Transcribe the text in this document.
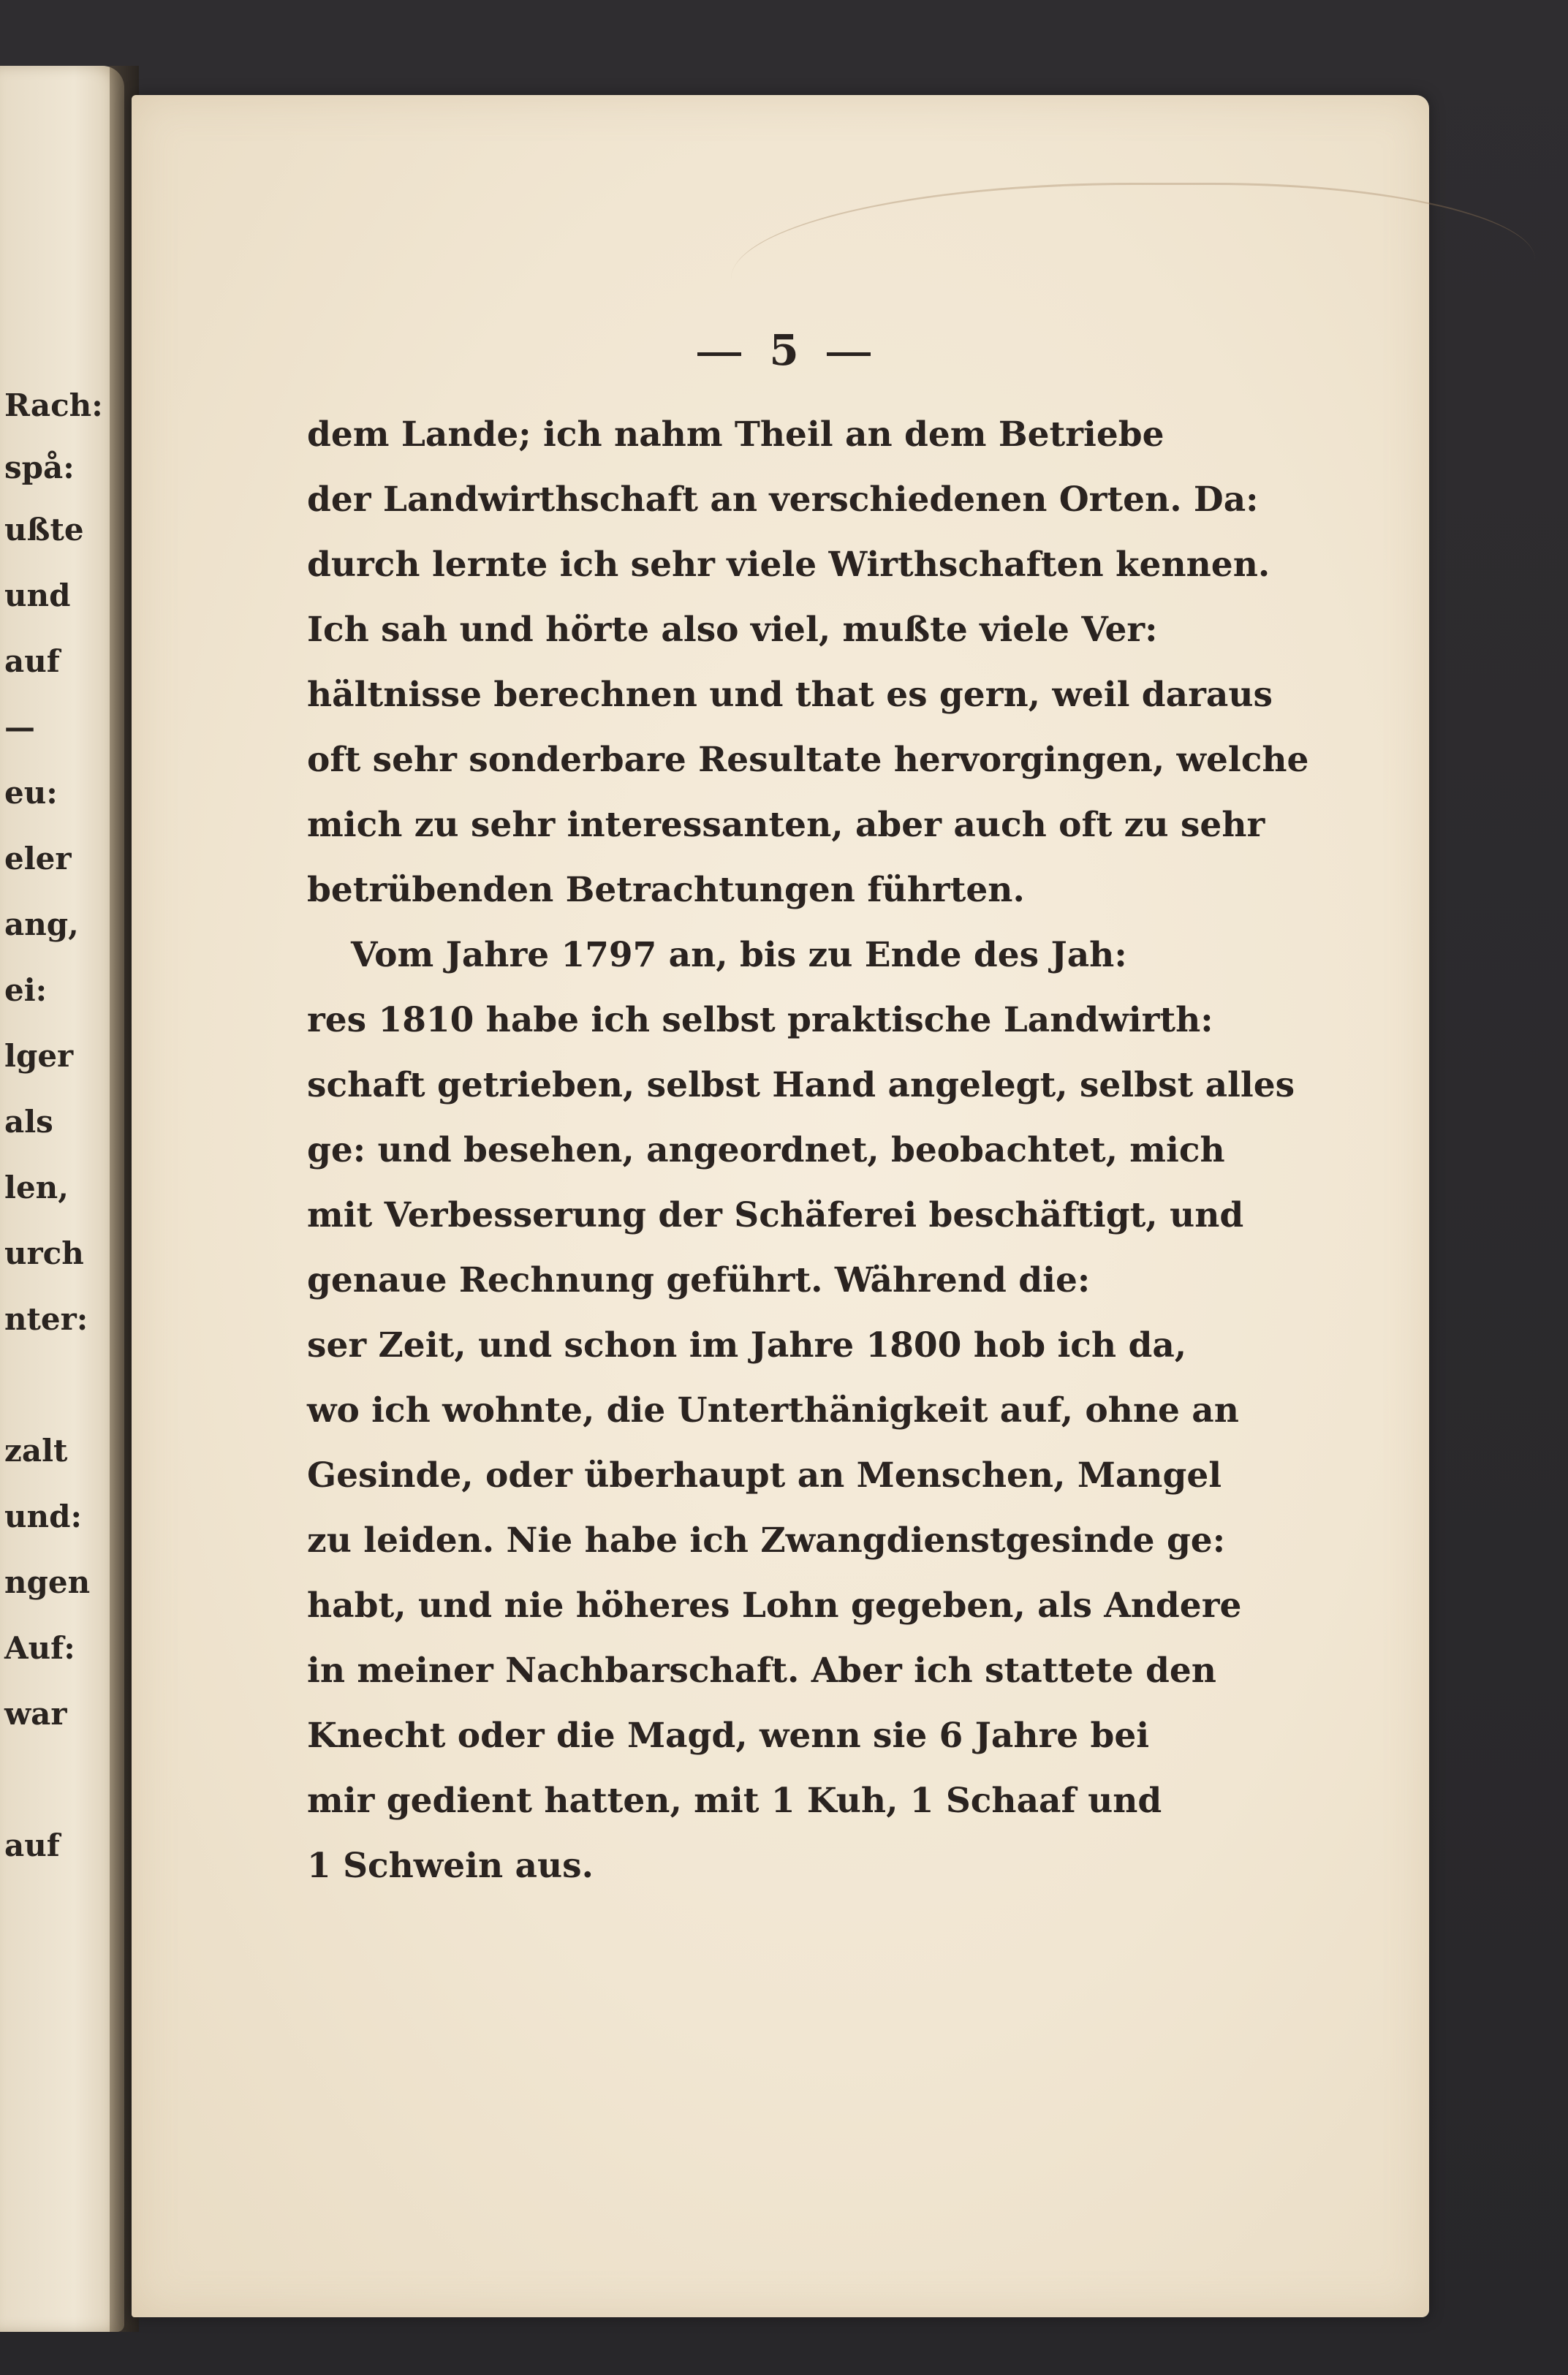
Rach:
spå:
ußte
und
auf
—
eu:
eler
ang,
ei:
lger
als
len,
urch
nter:
zalt
und:
ngen
Auf:
war
auf
5
dem Lande; ich nahm Theil an dem Betriebe
der Landwirthschaft an verschiedenen Orten. Da:
durch lernte ich sehr viele Wirthschaften kennen.
Ich sah und hörte also viel, mußte viele Ver:
hältnisse berechnen und that es gern, weil daraus
oft sehr sonderbare Resultate hervorgingen, welche
mich zu sehr interessanten, aber auch oft zu sehr
betrübenden Betrachtungen führten.
Vom Jahre 1797 an, bis zu Ende des Jah:
res 1810 habe ich selbst praktische Landwirth:
schaft getrieben, selbst Hand angelegt, selbst alles
ge: und besehen, angeordnet, beobachtet, mich
mit Verbesserung der Schäferei beschäftigt, und
genaue Rechnung geführt. Während die:
ser Zeit, und schon im Jahre 1800 hob ich da,
wo ich wohnte, die Unterthänigkeit auf, ohne an
Gesinde, oder überhaupt an Menschen, Mangel
zu leiden. Nie habe ich Zwangdienstgesinde ge:
habt, und nie höheres Lohn gegeben, als Andere
in meiner Nachbarschaft. Aber ich stattete den
Knecht oder die Magd, wenn sie 6 Jahre bei
mir gedient hatten, mit 1 Kuh, 1 Schaaf und
1 Schwein aus.
